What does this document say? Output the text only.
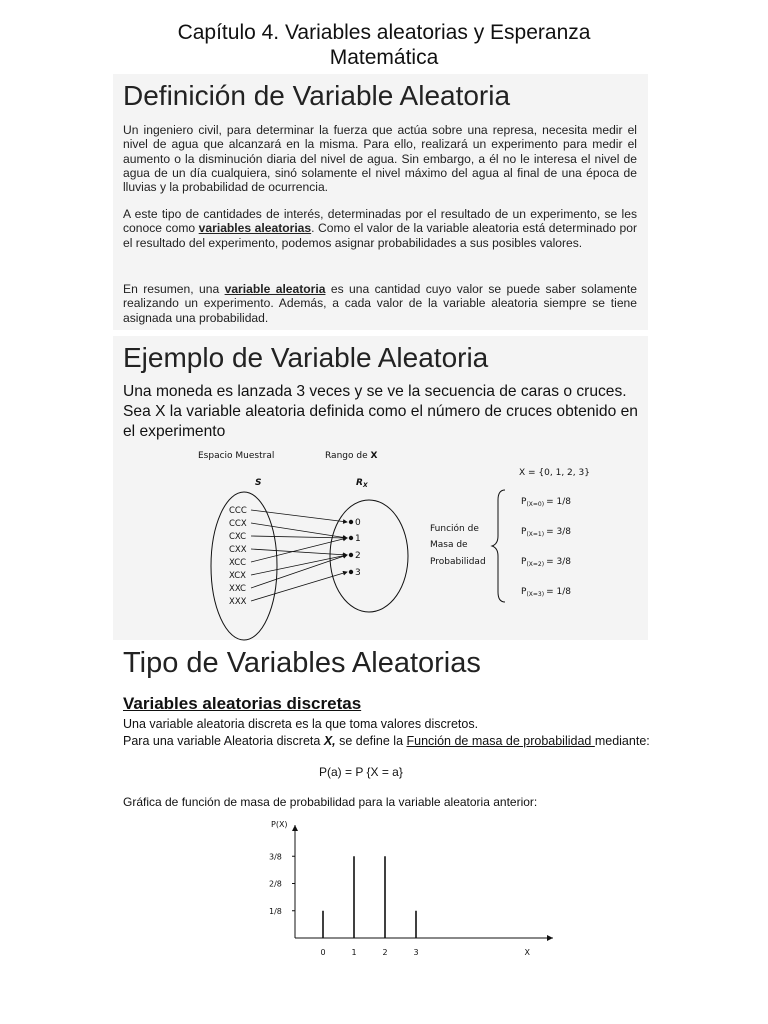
Capítulo 4. Variables aleatorias y Esperanza
Matemática
Definición de Variable Aleatoria
Un ingeniero civil, para determinar la fuerza que actúa sobre una represa, necesita medir el nivel de agua que alcanzará en la misma. Para ello, realizará un experimento para medir el aumento o la disminución diaria del nivel de agua. Sin embargo, a él no le interesa el nivel de agua de un día cualquiera, sinó solamente el nivel máximo del agua al final de una época de lluvias y la probabilidad de ocurrencia.
A este tipo de cantidades de interés, determinadas por el resultado de un experimento, se les conoce como variables aleatorias. Como el valor de la variable aleatoria está determinado por el resultado del experimento, podemos asignar probabilidades a sus posibles valores.
En resumen, una variable aleatoria es una cantidad cuyo valor se puede saber solamente realizando un experimento. Además, a cada valor de la variable aleatoria siempre se tiene asignada una probabilidad.
Ejemplo de Variable Aleatoria
Una moneda es lanzada 3 veces y se ve la secuencia de caras o cruces. Sea X la variable aleatoria definida como el número de cruces obtenido en el experimento
Espacio Muestral	Rango de X
S	$R_X$
CCC
CCX
CXC
CXX
XCC
XCX
XXC
XXX
0
1
2
3
X = {0, 1, 2, 3}
Función de
Masa de
Probabilidad
$P_{(X=0)} = 1/8$
$P_{(X=1)} = 3/8$
$P_{(X=2)} = 3/8$
$P_{(X=3)} = 1/8$
Tipo de Variables Aleatorias
Variables aleatorias discretas
Una variable aleatoria discreta es la que toma valores discretos.
Para una variable Aleatoria discreta X, se define la Función de masa de probabilidad mediante:
P(a) = P {X = a}
Gráfica de función de masa de probabilidad para la variable aleatoria anterior:
P(X)
X
1/8
2/8
3/8
0	1	2	3
